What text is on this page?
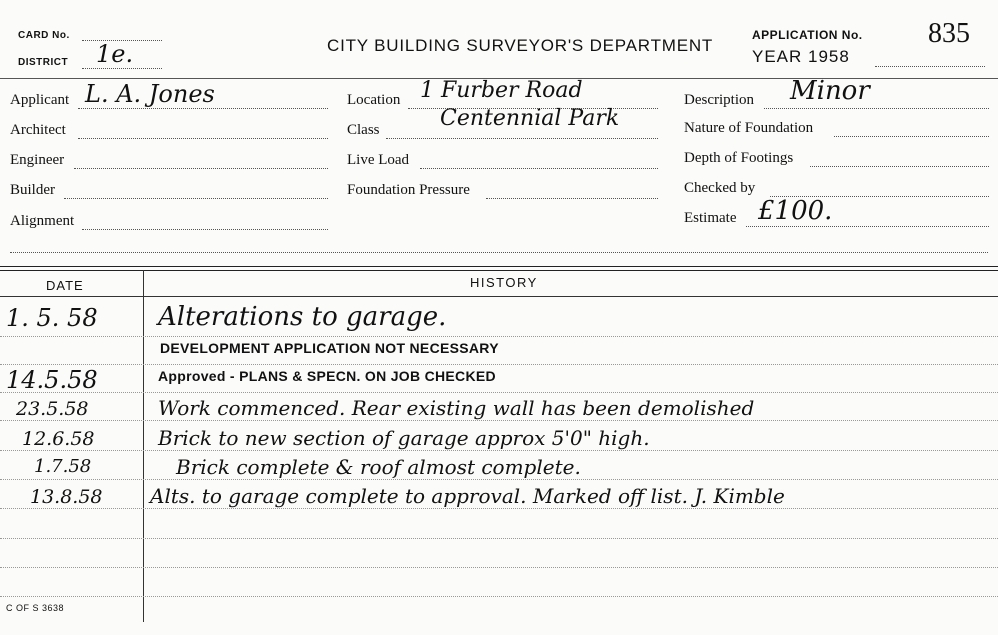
CARD No.
DISTRICT 1e.	CITY BUILDING SURVEYOR'S DEPARTMENT
APPLICATION No. 835
YEAR 1958
Applicant L. A. Jones
Architect
Engineer
Builder
Alignment
Location 1 Furber Road
Class	Centennial Park
Live Load
Foundation Pressure
Description Minor
Nature of Foundation
Depth of Footings
Checked by
Estimate £100.
DATE	HISTORY
1. 5. 58 Alterations to garage.
DEVELOPMENT APPLICATION NOT NECESSARY
14.5.58	Approved - PLANS & SPECN. ON JOB CHECKED
23.5.58	Work commenced. Rear existing wall has been demolished
12.6.58	Brick to new section of garage approx 5'0" high.
1.7.58	Brick complete & roof almost complete.
13.8.58 Alts. to garage complete to approval. Marked off list. J. Kimble
C OF S 3638
